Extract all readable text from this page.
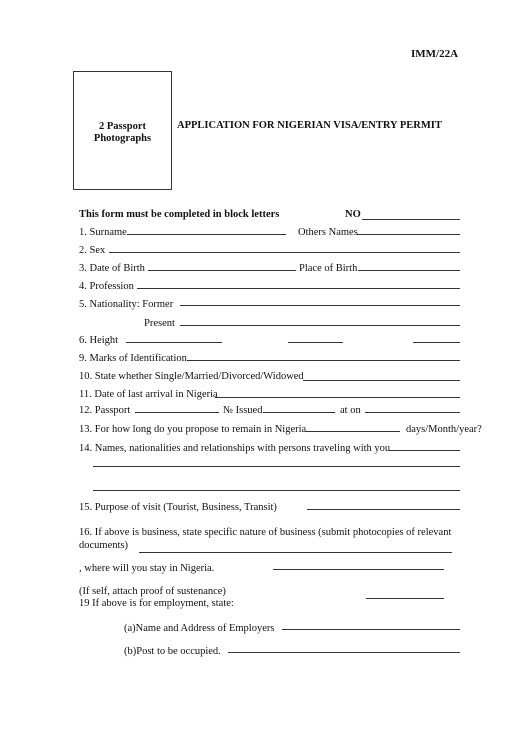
IMM/22A
2 Passport
Photographs
APPLICATION FOR NIGERIAN VISA/ENTRY PERMIT
This form must be completed in block letters	NO
1. Surname	Others Names
2. Sex
3. Date of Birth	Place of Birth
4. Profession
5. Nationality: Former
Present
6. Height
9. Marks of Identification
10. State whether Single/Married/Divorced/Widowed
11. Date of last arrival in Nigeria
12. Passport	№ Issued	at on
13. For how long do you propose to remain in Nigeria	days/Month/year?
14. Names, nationalities and relationships with persons traveling with you
15. Purpose of visit (Tourist, Business, Transit)
16. If above is business, state specific nature of business (submit photocopies of relevant
documents)
, where will you stay in Nigeria.
(If self, attach proof of sustenance)
19 If above is for employment, state:
(a)Name and Address of Employers
(b)Post to be occupied.
